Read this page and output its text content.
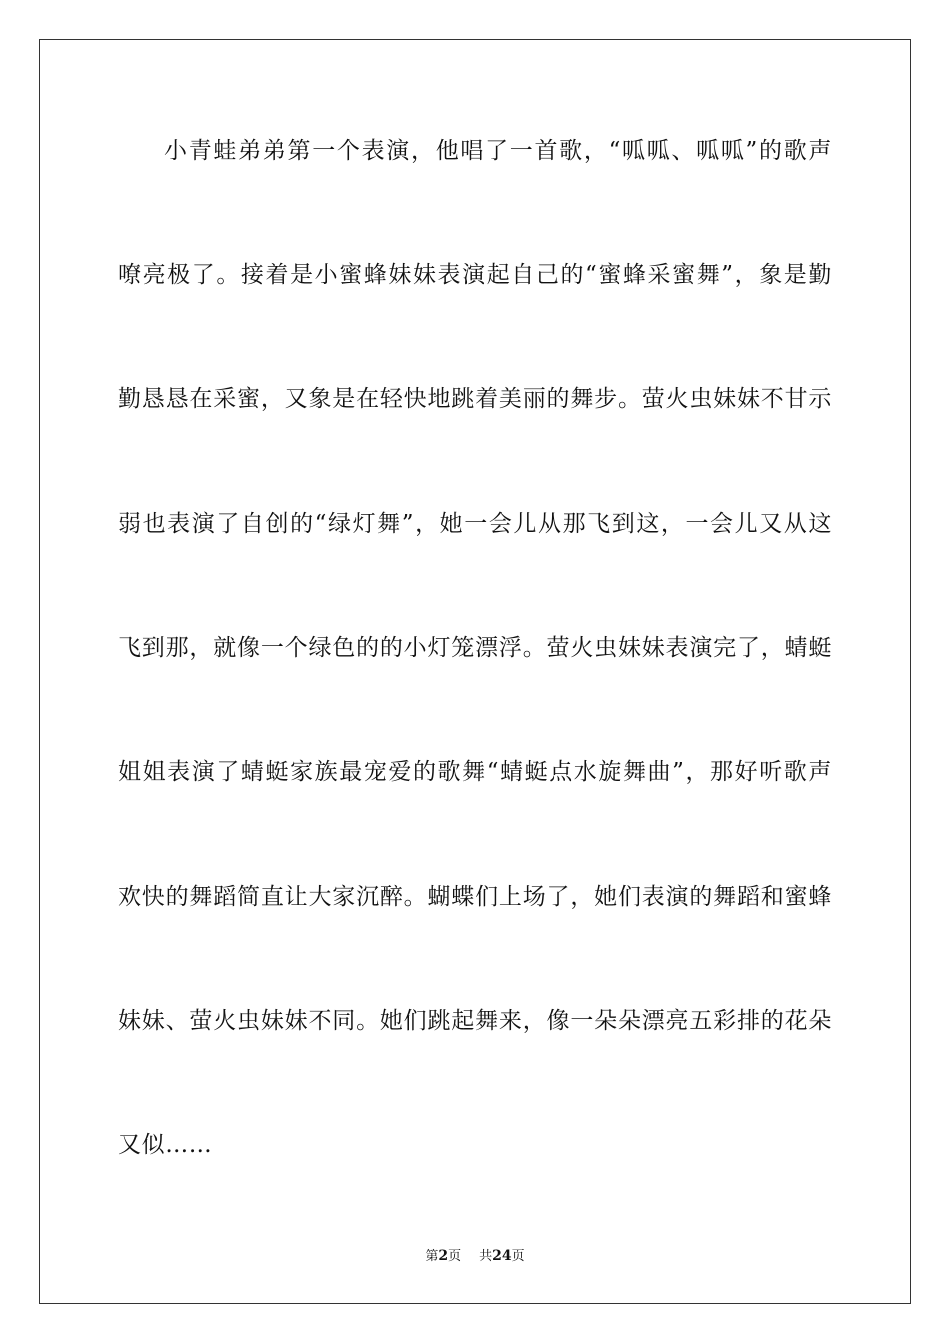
小青蛙弟弟第一个表演，他唱了一首歌，“呱呱、呱呱”的歌声
嘹亮极了。接着是小蜜蜂妹妹表演起自己的“蜜蜂采蜜舞”，象是勤
勤恳恳在采蜜，又象是在轻快地跳着美丽的舞步。萤火虫妹妹不甘示
弱也表演了自创的“绿灯舞”，她一会儿从那飞到这，一会儿又从这
飞到那，就像一个绿色的的小灯笼漂浮。萤火虫妹妹表演完了，蜻蜓
姐姐表演了蜻蜓家族最宠爱的歌舞“蜻蜓点水旋舞曲”，那好听歌声
欢快的舞蹈简直让大家沉醉。蝴蝶们上场了，她们表演的舞蹈和蜜蜂
妹妹、萤火虫妹妹不同。她们跳起舞来，像一朵朵漂亮五彩排的花朵
又似……
第2页 共24页
